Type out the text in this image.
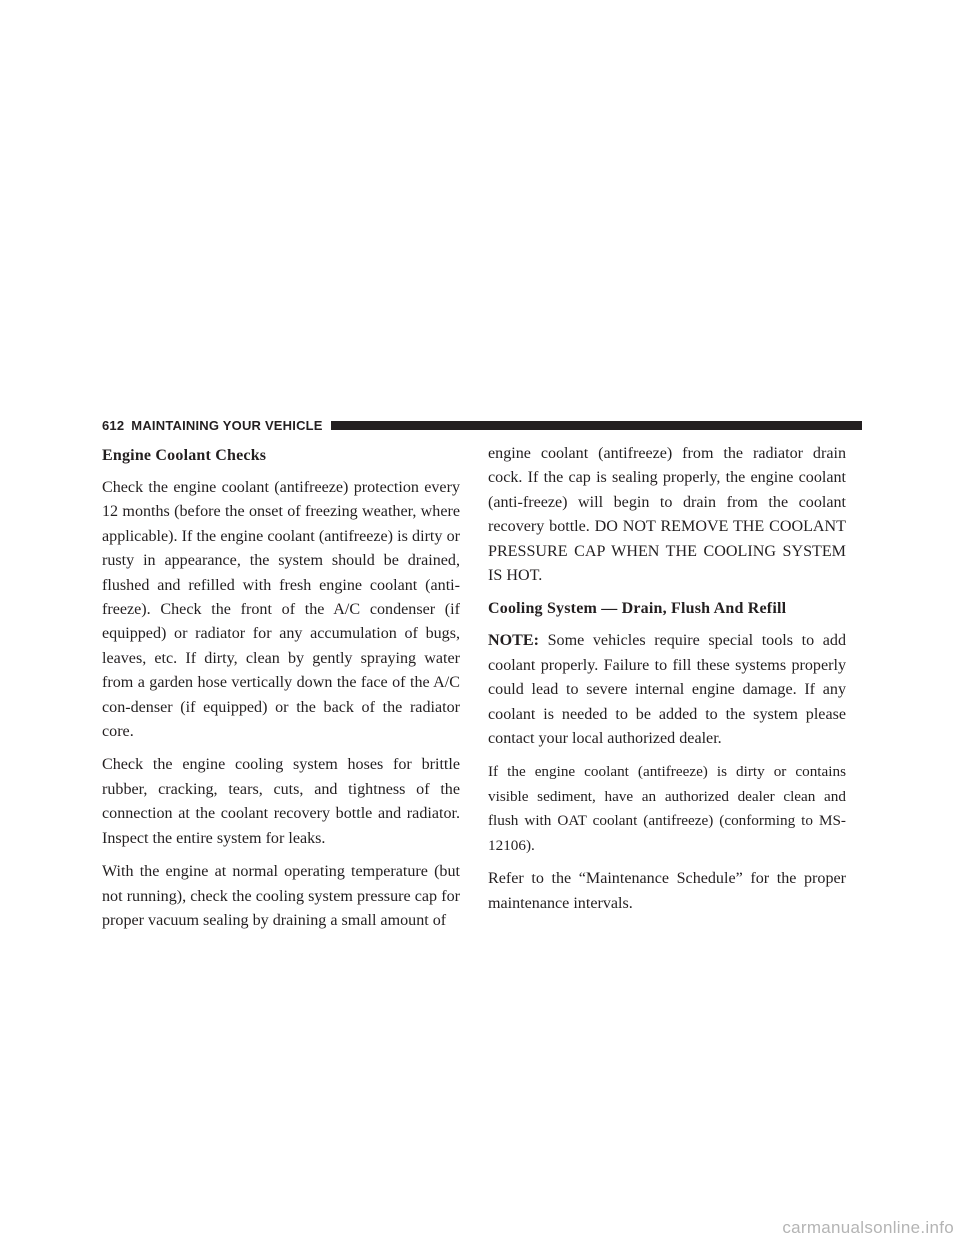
612 MAINTAINING YOUR VEHICLE
Engine Coolant Checks

Check the engine coolant (antifreeze) protection every 12 months (before the onset of freezing weather, where applicable). If the engine coolant (antifreeze) is dirty or rusty in appearance, the system should be drained, flushed and refilled with fresh engine coolant (anti-freeze). Check the front of the A/C condenser (if equipped) or radiator for any accumulation of bugs, leaves, etc. If dirty, clean by gently spraying water from a garden hose vertically down the face of the A/C con-denser (if equipped) or the back of the radiator core.

Check the engine cooling system hoses for brittle rubber, cracking, tears, cuts, and tightness of the connection at the coolant recovery bottle and radiator. Inspect the entire system for leaks.

With the engine at normal operating temperature (but not running), check the cooling system pressure cap for proper vacuum sealing by draining a small amount of

engine coolant (antifreeze) from the radiator drain cock. If the cap is sealing properly, the engine coolant (anti-freeze) will begin to drain from the coolant recovery bottle. DO NOT REMOVE THE COOLANT PRESSURE CAP WHEN THE COOLING SYSTEM IS HOT.

Cooling System — Drain, Flush And Refill

NOTE: Some vehicles require special tools to add coolant properly. Failure to fill these systems properly could lead to severe internal engine damage. If any coolant is needed to be added to the system please contact your local authorized dealer.

If the engine coolant (antifreeze) is dirty or contains visible sediment, have an authorized dealer clean and flush with OAT coolant (antifreeze) (conforming to MS-12106).

Refer to the “Maintenance Schedule” for the proper maintenance intervals.

carmanualsonline.info
